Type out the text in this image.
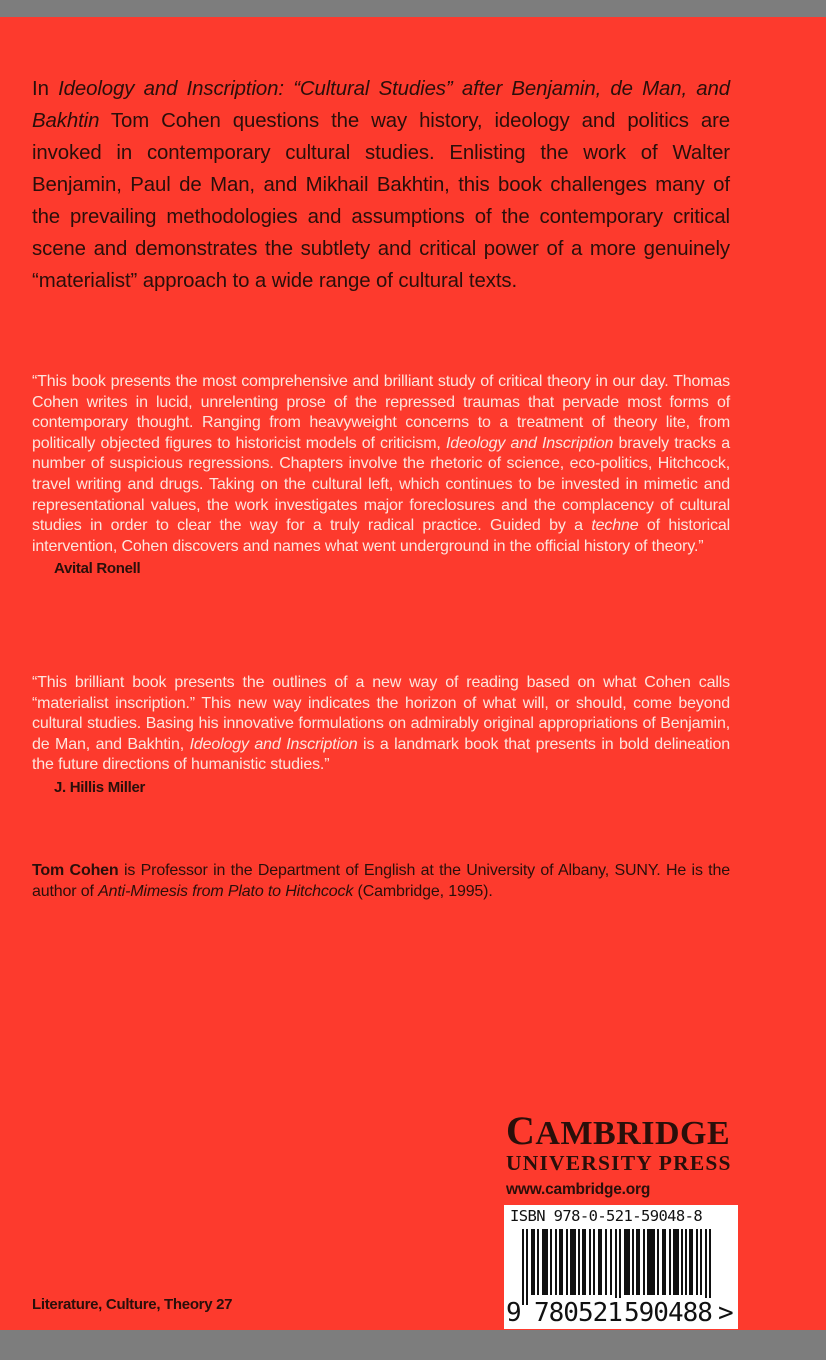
In Ideology and Inscription: “Cultural Studies” after Benjamin, de Man, and Bakhtin Tom Cohen questions the way history, ideology and politics are invoked in contemporary cultural studies. Enlisting the work of Walter Benjamin, Paul de Man, and Mikhail Bakhtin, this book challenges many of the prevailing methodologies and assumptions of the contemporary critical scene and demonstrates the subtlety and critical power of a more genuinely “materialist” approach to a wide range of cultural texts.

“This book presents the most comprehensive and brilliant study of critical theory in our day. Thomas Cohen writes in lucid, unrelenting prose of the repressed traumas that pervade most forms of contemporary thought. Ranging from heavyweight concerns to a treatment of theory lite, from politically objected figures to historicist models of criticism, Ideology and Inscription bravely tracks a number of suspicious regressions. Chapters involve the rhetoric of science, eco-politics, Hitchcock, travel writing and drugs. Taking on the cultural left, which continues to be invested in mimetic and representational values, the work investigates major foreclosures and the complacency of cultural studies in order to clear the way for a truly radical practice. Guided by a techne of historical intervention, Cohen discovers and names what went underground in the official history of theory.”

Avital Ronell

“This brilliant book presents the outlines of a new way of reading based on what Cohen calls “materialist inscription.” This new way indicates the horizon of what will, or should, come beyond cultural studies. Basing his innovative formulations on admirably original appropriations of Benjamin, de Man, and Bakhtin, Ideology and Inscription is a landmark book that presents in bold delineation the future directions of humanistic studies.”

J. Hillis Miller

Tom Cohen is Professor in the Department of English at the University of Albany, SUNY. He is the author of Anti-Mimesis from Plato to Hitchcock (Cambridge, 1995).

CAMBRIDGE
UNIVERSITY PRESS
www.cambridge.org
ISBN 978-0-521-59048-8
9 780521 590488 >
Literature, Culture, Theory 27
